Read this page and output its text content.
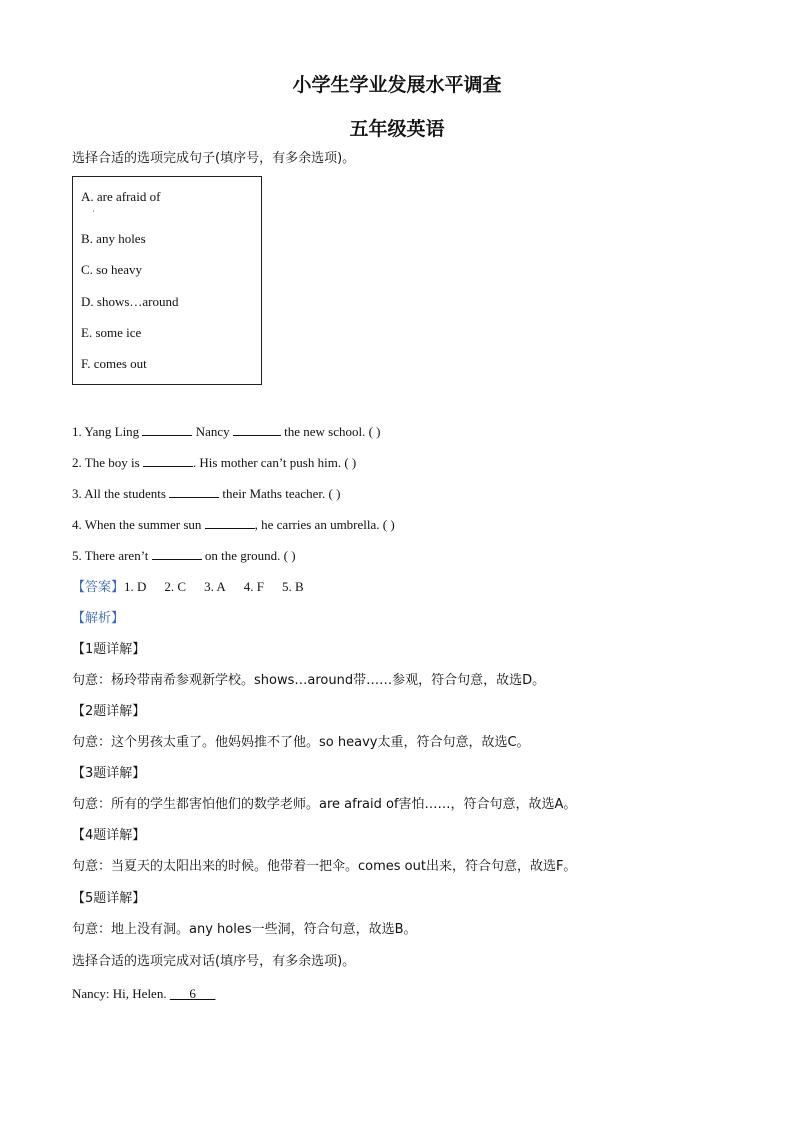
小学生学业发展水平调查
五年级英语
选择合适的选项完成句子(填序号，有多余选项)。
A. are afraid of
·
B. any holes
C. so heavy
D. shows…around
E. some ice
F. comes out
1. Yang Ling	Nancy	the new school. ( )
2. The boy is	. His mother can’t push him. ( )
3. All the students	their Maths teacher. ( )
4. When the summer sun	, he carries an umbrella. ( )
5. There aren’t	on the ground. ( )
【答案】1. D 2. C 3. A 4. F 5. B
【解析】
【1题详解】
句意：杨玲带南希参观新学校。shows…around带……参观，符合句意，故选D。
【2题详解】
句意：这个男孩太重了。他妈妈推不了他。so heavy太重，符合句意，故选C。
【3题详解】
句意：所有的学生都害怕他们的数学老师。are afraid of害怕……，符合句意，故选A。
【4题详解】
句意：当夏天的太阳出来的时候。他带着一把伞。comes out出来，符合句意，故选F。
【5题详解】
句意：地上没有洞。any holes一些洞，符合句意，故选B。
选择合适的选项完成对话(填序号，有多余选项)。
Nancy: Hi, Helen. ___6___
